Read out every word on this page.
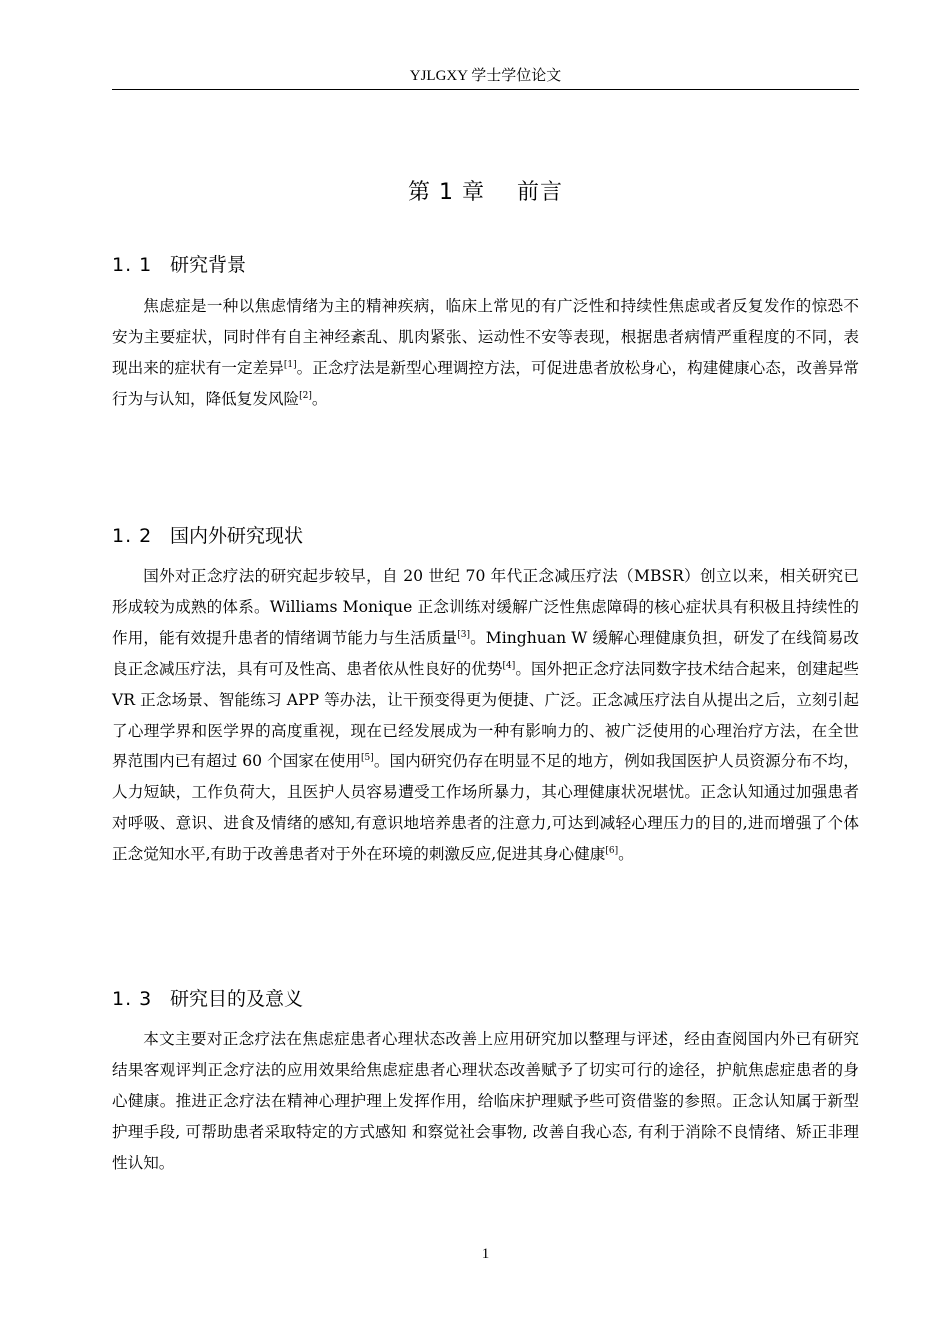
YJLGXY 学士学位论文
第 1 章 前言
1. 1 研究背景

焦虑症是一种以焦虑情绪为主的精神疾病，临床上常见的有广泛性和持续性焦虑或者反复发作的惊恐不安为主要症状，同时伴有自主神经紊乱、肌肉紧张、运动性不安等表现，根据患者病情严重程度的不同，表现出来的症状有一定差异[1]。正念疗法是新型心理调控方法，可促进患者放松身心，构建健康心态，改善异常行为与认知，降低复发风险[2]。

1. 2 国内外研究现状

国外对正念疗法的研究起步较早，自 20 世纪 70 年代正念减压疗法（MBSR）创立以来，相关研究已形成较为成熟的体系。Williams Monique 正念训练对缓解广泛性焦虑障碍的核心症状具有积极且持续性的作用，能有效提升患者的情绪调节能力与生活质量[3]。Minghuan W 缓解心理健康负担，研发了在线简易改良正念减压疗法，具有可及性高、患者依从性良好的优势[4]。国外把正念疗法同数字技术结合起来，创建起些 VR 正念场景、智能练习 APP 等办法，让干预变得更为便捷、广泛。正念减压疗法自从提出之后，立刻引起了心理学界和医学界的高度重视，现在已经发展成为一种有影响力的、被广泛使用的心理治疗方法，在全世界范围内已有超过 60 个国家在使用[5]。国内研究仍存在明显不足的地方，例如我国医护人员资源分布不均，人力短缺，工作负荷大，且医护人员容易遭受工作场所暴力，其心理健康状况堪忧。正念认知通过加强患者对呼吸、意识、进食及情绪的感知,有意识地培养患者的注意力,可达到减轻心理压力的目的,进而增强了个体正念觉知水平,有助于改善患者对于外在环境的刺激反应,促进其身心健康[6]。

1. 3 研究目的及意义

本文主要对正念疗法在焦虑症患者心理状态改善上应用研究加以整理与评述，经由查阅国内外已有研究结果客观评判正念疗法的应用效果给焦虑症患者心理状态改善赋予了切实可行的途径，护航焦虑症患者的身心健康。推进正念疗法在精神心理护理上发挥作用，给临床护理赋予些可资借鉴的参照。正念认知属于新型护理手段, 可帮助患者采取特定的方式感知 和察觉社会事物, 改善自我心态, 有利于消除不良情绪、矫正非理性认知。

1
